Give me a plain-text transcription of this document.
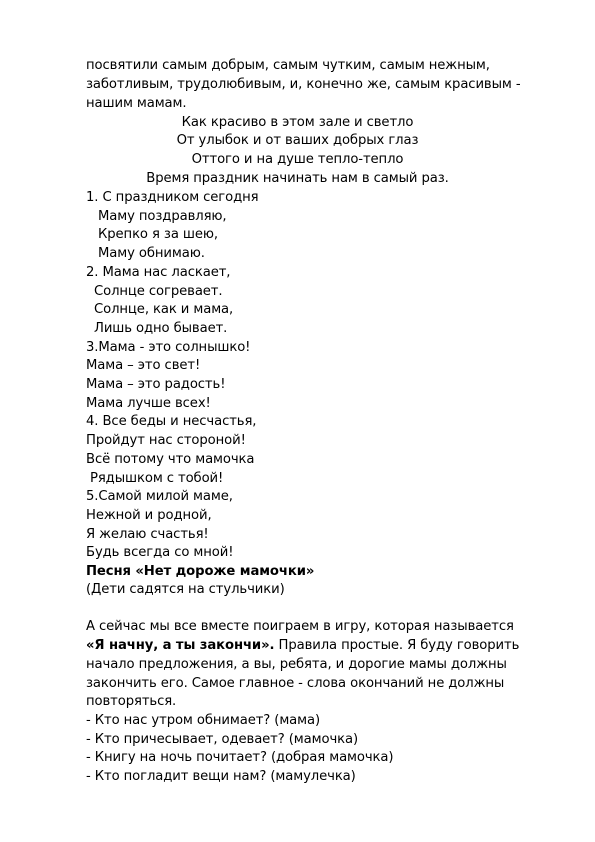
посвятили самым добрым, самым чутким, самым нежным,
заботливым, трудолюбивым, и, конечно же, самым красивым -
нашим мамам.
Как красиво в этом зале и светло
От улыбок и от ваших добрых глаз
Оттого и на душе тепло-тепло
Время праздник начинать нам в самый раз.
1. С праздником сегодня
Маму поздравляю,
Крепко я за шею,
Маму обнимаю.
2. Мама нас ласкает,
Солнце согревает.
Солнце, как и мама,
Лишь одно бывает.
3.Мама - это солнышко!
Мама – это свет!
Мама – это радость!
Мама лучше всех!
4. Все беды и несчастья,
Пройдут нас стороной!
Всё потому что мамочка
Рядышком с тобой!
5.Самой милой маме,
Нежной и родной,
Я желаю счастья!
Будь всегда со мной!
Песня «Нет дороже мамочки»
(Дети садятся на стульчики)
А сейчас мы все вместе поиграем в игру, которая называется
«Я начну, а ты закончи». Правила простые. Я буду говорить
начало предложения, а вы, ребята, и дорогие мамы должны
закончить его. Самое главное - слова окончаний не должны
повторяться.
- Кто нас утром обнимает? (мама)
- Кто причесывает, одевает? (мамочка)
- Книгу на ночь почитает? (добрая мамочка)
- Кто погладит вещи нам? (мамулечка)
